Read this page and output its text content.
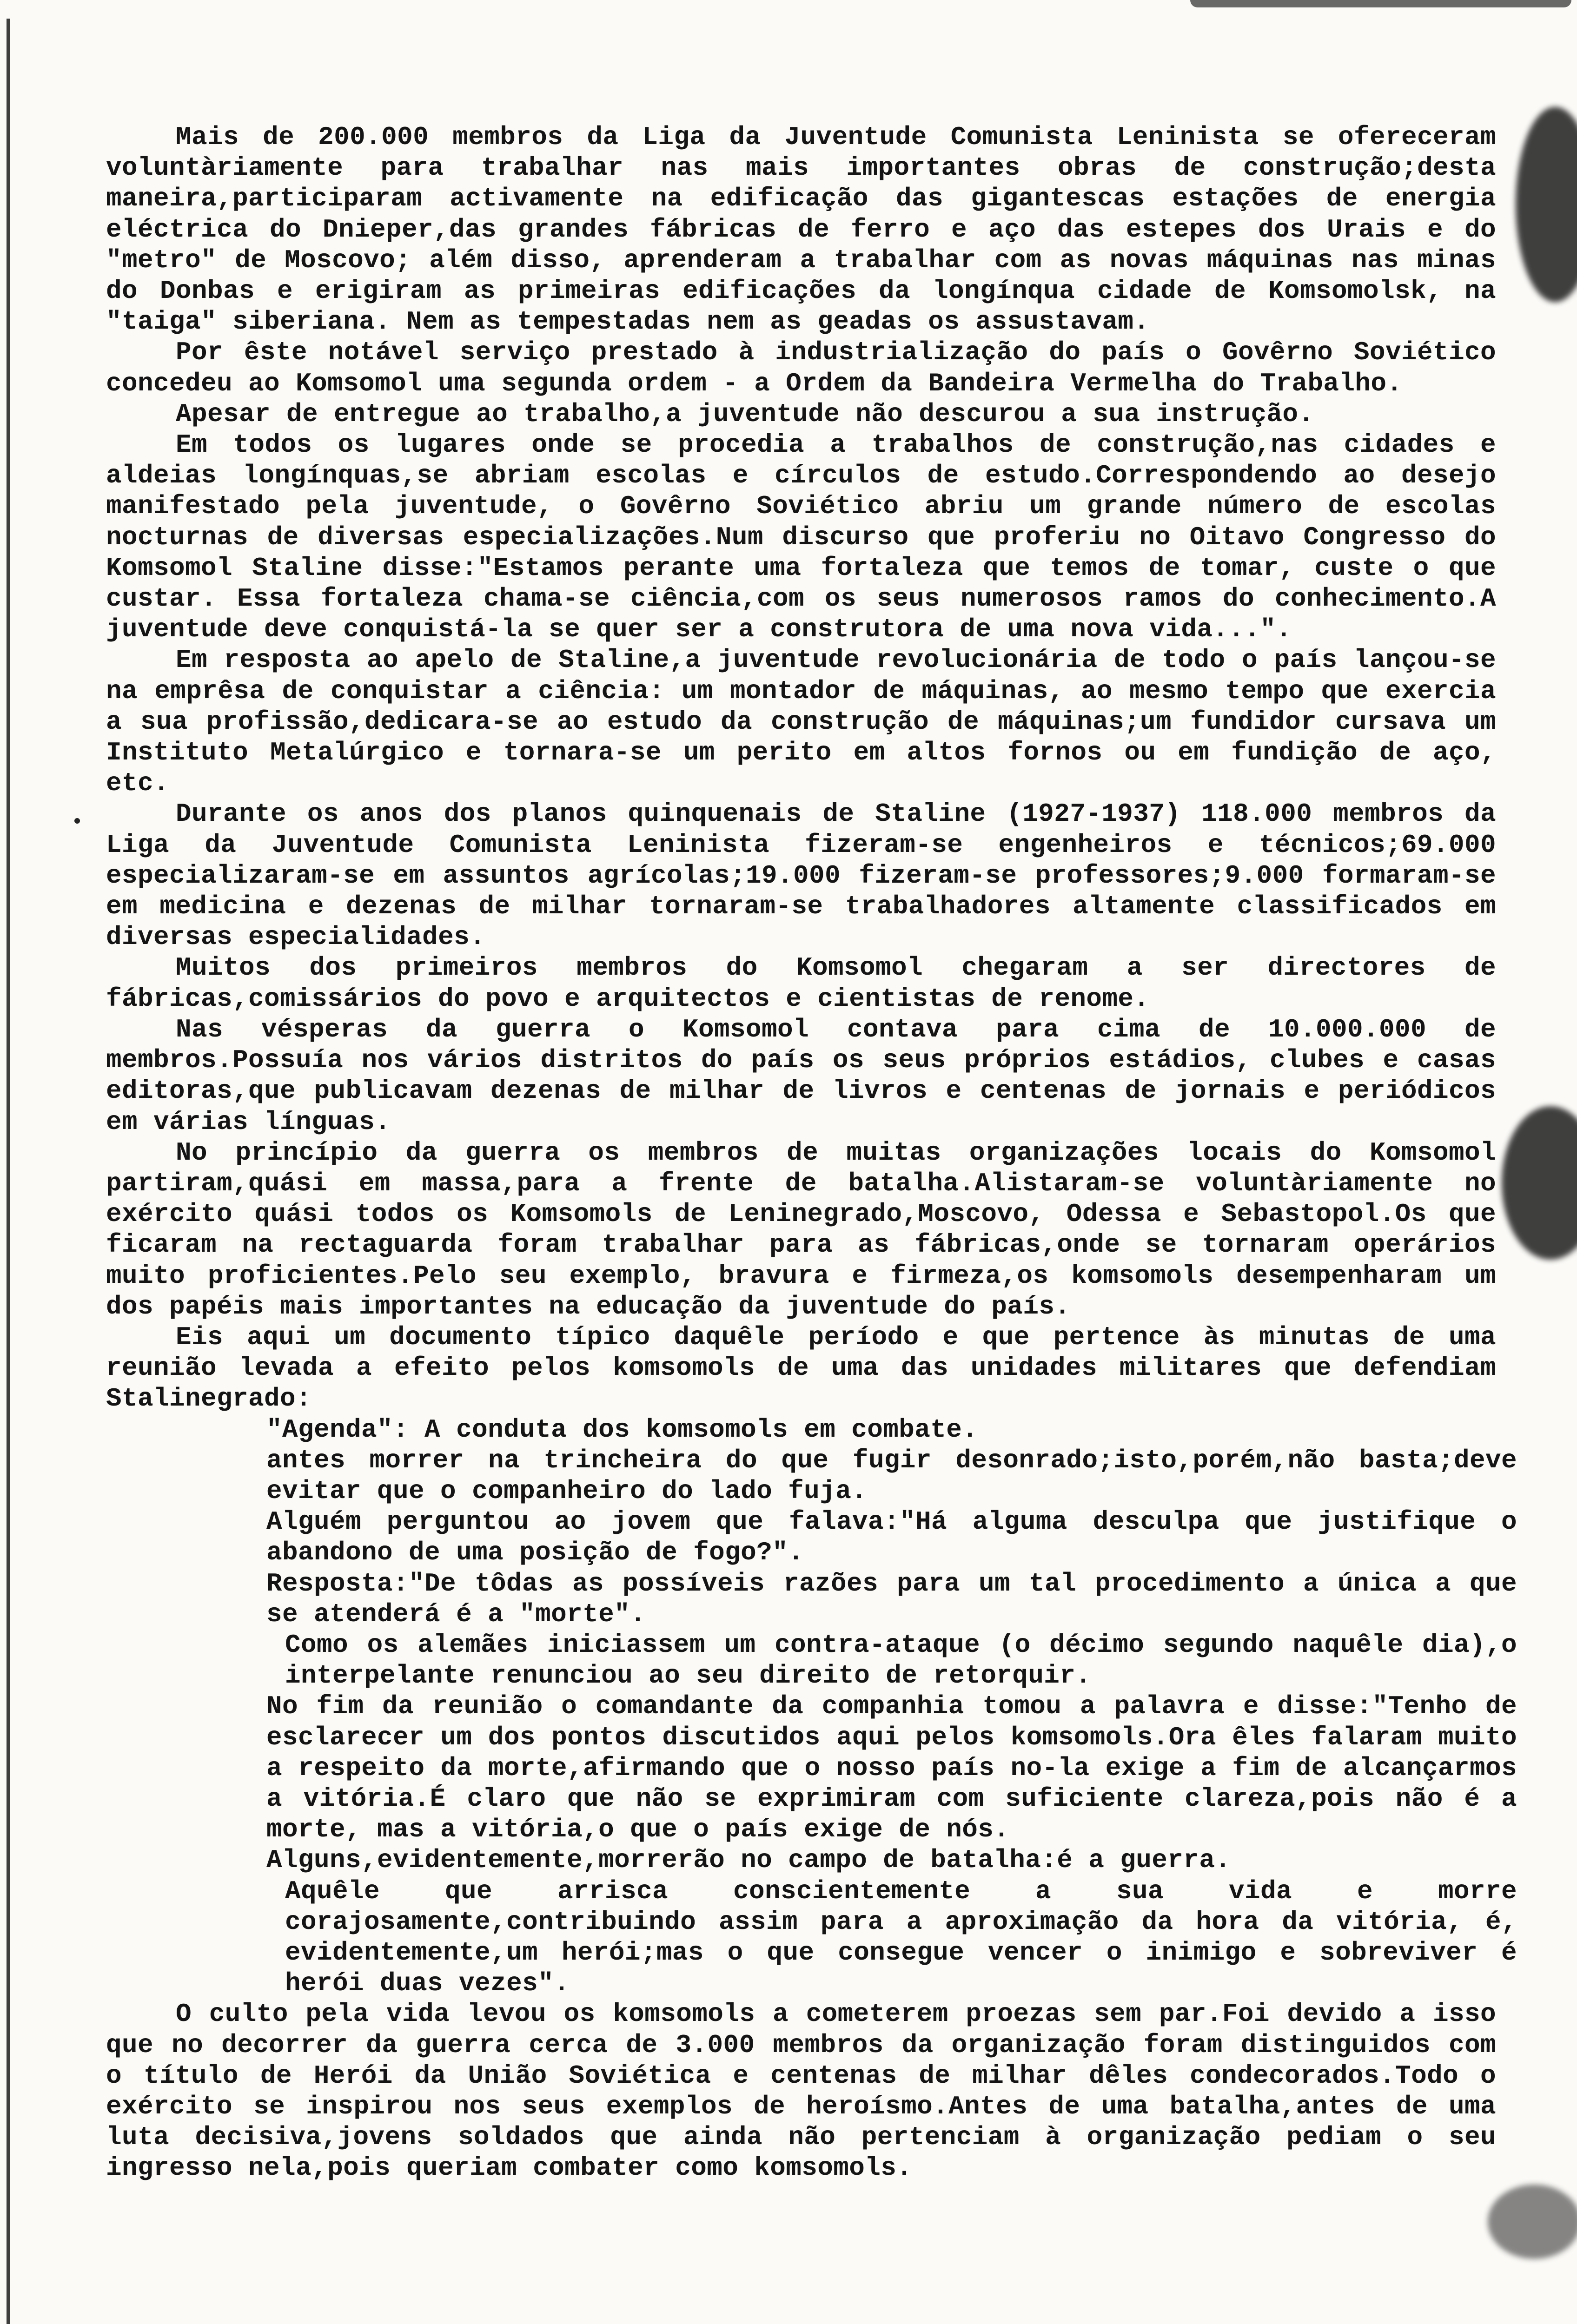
Mais de 200.000 membros da Liga da Juventude Comunista Leninista se ofereceram voluntàriamente para trabalhar nas mais importantes obras de construção;desta maneira,participaram activamente na edificação das gigantescas estações de energia eléctrica do Dnieper,das grandes fábricas de ferro e aço das estepes dos Urais e do "metro" de Moscovo; além disso, aprenderam a trabalhar com as novas máquinas nas minas do Donbas e erigiram as primeiras edificações da longínqua cidade de Komsomolsk, na "taiga" siberiana. Nem as tempestadas nem as geadas os assustavam.

Por êste notável serviço prestado à industrialização do país o Govêrno Soviético concedeu ao Komsomol uma segunda ordem - a Ordem da Bandeira Vermelha do Trabalho.

Apesar de entregue ao trabalho,a juventude não descurou a sua instrução.

Em todos os lugares onde se procedia a trabalhos de construção,nas cidades e aldeias longínquas,se abriam escolas e círculos de estudo.Correspondendo ao desejo manifestado pela juventude, o Govêrno Soviético abriu um grande número de escolas nocturnas de diversas especializações.Num discurso que proferiu no Oitavo Congresso do Komsomol Staline disse:"Estamos perante uma fortaleza que temos de tomar, custe o que custar. Essa fortaleza chama-se ciência,com os seus numerosos ramos do conhecimento.A juventude deve conquistá-la se quer ser a construtora de uma nova vida...".

Em resposta ao apelo de Staline,a juventude revolucionária de todo o país lançou-se na emprêsa de conquistar a ciência: um montador de máquinas, ao mesmo tempo que exercia a sua profissão,dedicara-se ao estudo da construção de máquinas;um fundidor cursava um Instituto Metalúrgico e tornara-se um perito em altos fornos ou em fundição de aço, etc.

Durante os anos dos planos quinquenais de Staline (1927-1937) 118.000 membros da Liga da Juventude Comunista Leninista fizeram-se engenheiros e técnicos;69.000 especializaram-se em assuntos agrícolas;19.000 fizeram-se professores;9.000 formaram-se em medicina e dezenas de milhar tornaram-se trabalhadores altamente classificados em diversas especialidades.

Muitos dos primeiros membros do Komsomol chegaram a ser directores de fábricas,comissários do povo e arquitectos e cientistas de renome.

Nas vésperas da guerra o Komsomol contava para cima de 10.000.000 de membros.Possuía nos vários distritos do país os seus próprios estádios, clubes e casas editoras,que publicavam dezenas de milhar de livros e centenas de jornais e periódicos em várias línguas.

No princípio da guerra os membros de muitas organizações locais do Komsomol partiram,quási em massa,para a frente de batalha.Alistaram-se voluntàriamente no exército quási todos os Komsomols de Leninegrado,Moscovo, Odessa e Sebastopol.Os que ficaram na rectaguarda foram trabalhar para as fábricas,onde se tornaram operários muito proficientes.Pelo seu exemplo, bravura e firmeza,os komsomols desempenharam um dos papéis mais importantes na educação da juventude do país.

Eis aqui um documento típico daquêle período e que pertence às minutas de uma reunião levada a efeito pelos komsomols de uma das unidades militares que defendiam Stalinegrado:

"Agenda": A conduta dos komsomols em combate.

antes morrer na trincheira do que fugir desonrado;isto,porém,não basta;deve evitar que o companheiro do lado fuja.

Alguém perguntou ao jovem que falava:"Há alguma desculpa que justifique o abandono de uma posição de fogo?".

Resposta:"De tôdas as possíveis razões para um tal procedimento a única a que se atenderá é a "morte".

Como os alemães iniciassem um contra-ataque (o décimo segundo naquêle dia),o interpelante renunciou ao seu direito de retorquir.

No fim da reunião o comandante da companhia tomou a palavra e disse:"Tenho de esclarecer um dos pontos discutidos aqui pelos komsomols.Ora êles falaram muito a respeito da morte,afirmando que o nosso país no-la exige a fim de alcançarmos a vitória.É claro que não se exprimiram com suficiente clareza,pois não é a morte, mas a vitória,o que o país exige de nós.

Alguns,evidentemente,morrerão no campo de batalha:é a guerra.

Aquêle que arrisca conscientemente a sua vida e morre corajosamente,contribuindo assim para a aproximação da hora da vitória, é, evidentemente,um herói;mas o que consegue vencer o inimigo e sobreviver é herói duas vezes".

O culto pela vida levou os komsomols a cometerem proezas sem par.Foi devido a isso que no decorrer da guerra cerca de 3.000 membros da organização foram distinguidos com o título de Herói da União Soviética e centenas de milhar dêles condecorados.Todo o exército se inspirou nos seus exemplos de heroísmo.Antes de uma batalha,antes de uma luta decisiva,jovens soldados que ainda não pertenciam à organização pediam o seu ingresso nela,pois queriam combater como komsomols.
